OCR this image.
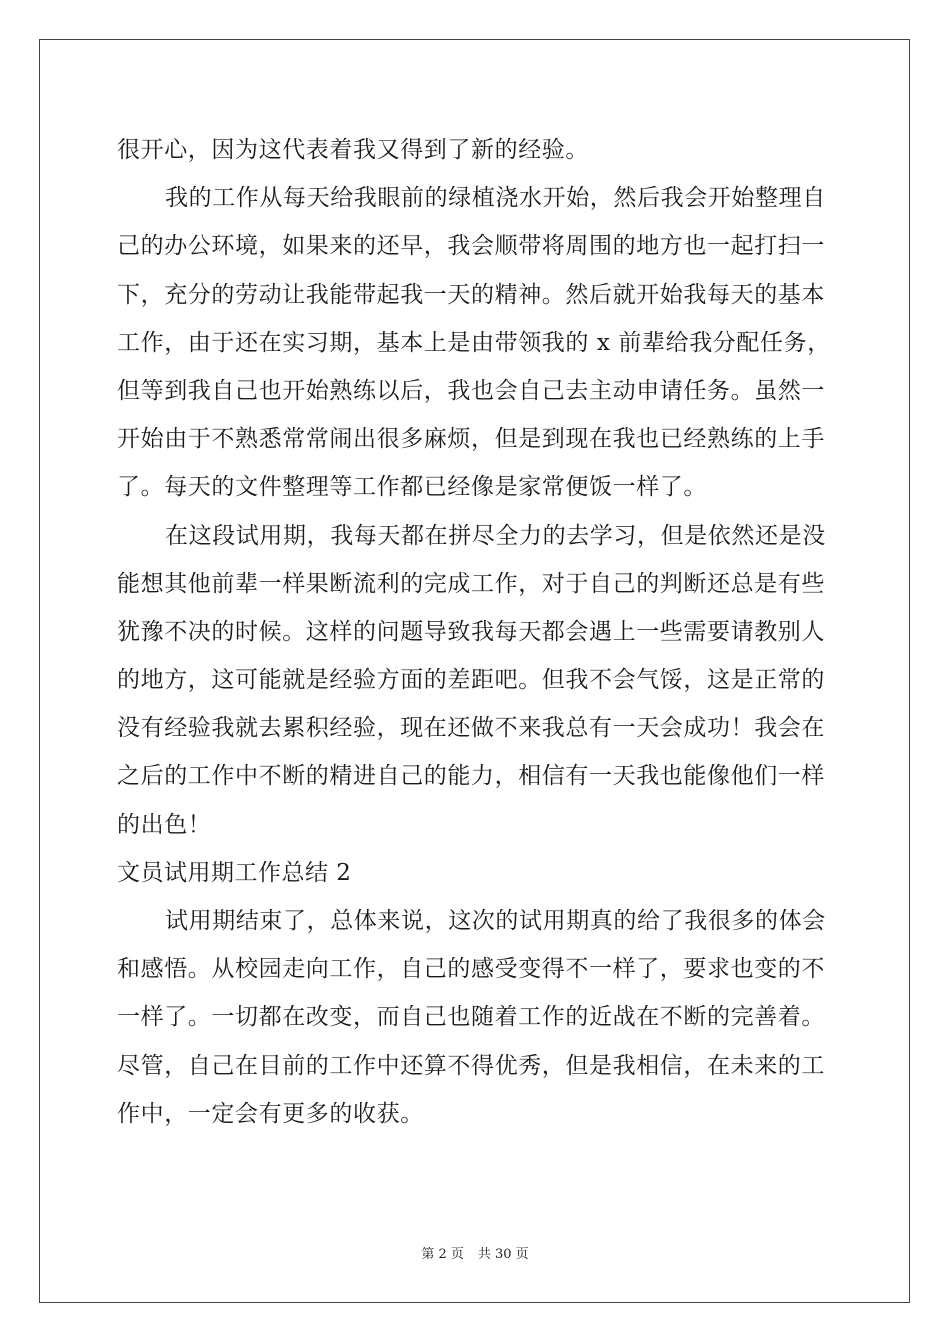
很开心，因为这代表着我又得到了新的经验。
我的工作从每天给我眼前的绿植浇水开始，然后我会开始整理自
己的办公环境，如果来的还早，我会顺带将周围的地方也一起打扫一
下，充分的劳动让我能带起我一天的精神。然后就开始我每天的基本
工作，由于还在实习期，基本上是由带领我的 x 前辈给我分配任务，
但等到我自己也开始熟练以后，我也会自己去主动申请任务。虽然一
开始由于不熟悉常常闹出很多麻烦，但是到现在我也已经熟练的上手
了。每天的文件整理等工作都已经像是家常便饭一样了。
在这段试用期，我每天都在拼尽全力的去学习，但是依然还是没
能想其他前辈一样果断流利的完成工作，对于自己的判断还总是有些
犹豫不决的时候。这样的问题导致我每天都会遇上一些需要请教别人
的地方，这可能就是经验方面的差距吧。但我不会气馁，这是正常的
没有经验我就去累积经验，现在还做不来我总有一天会成功！我会在
之后的工作中不断的精进自己的能力，相信有一天我也能像他们一样
的出色！
文员试用期工作总结 2
试用期结束了，总体来说，这次的试用期真的给了我很多的体会
和感悟。从校园走向工作，自己的感受变得不一样了，要求也变的不
一样了。一切都在改变，而自己也随着工作的近战在不断的完善着。
尽管，自己在目前的工作中还算不得优秀，但是我相信，在未来的工
作中，一定会有更多的收获。
第 2 页 共 30 页
